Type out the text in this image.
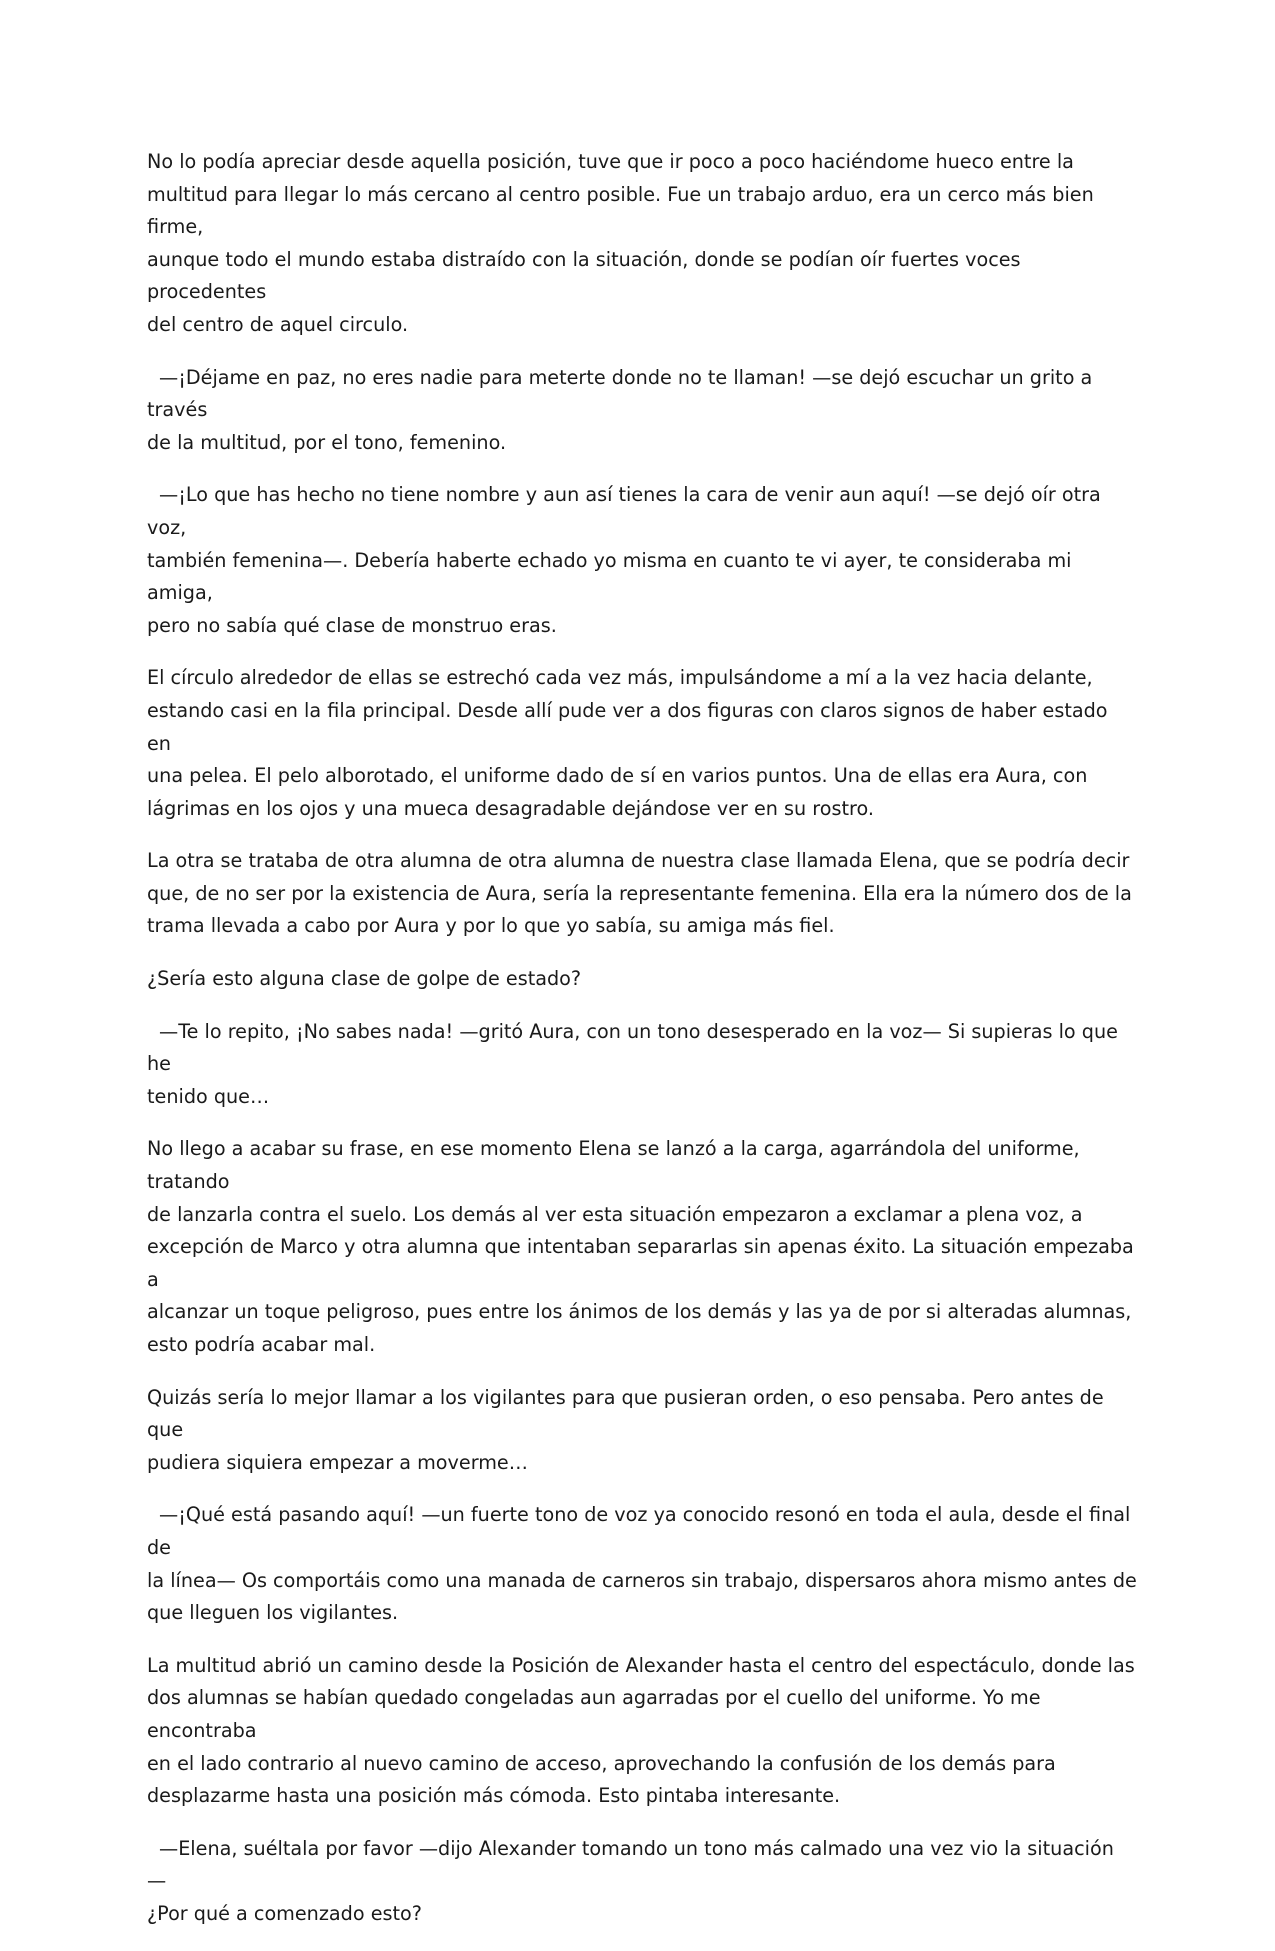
No lo podía apreciar desde aquella posición, tuve que ir poco a poco haciéndome hueco entre la
multitud para llegar lo más cercano al centro posible. Fue un trabajo arduo, era un cerco más bien firme,
aunque todo el mundo estaba distraído con la situación, donde se podían oír fuertes voces procedentes
del centro de aquel circulo.
—¡Déjame en paz, no eres nadie para meterte donde no te llaman! —se dejó escuchar un grito a través
de la multitud, por el tono, femenino.
—¡Lo que has hecho no tiene nombre y aun así tienes la cara de venir aun aquí! —se dejó oír otra voz,
también femenina—. Debería haberte echado yo misma en cuanto te vi ayer, te consideraba mi amiga,
pero no sabía qué clase de monstruo eras.
El círculo alrededor de ellas se estrechó cada vez más, impulsándome a mí a la vez hacia delante,
estando casi en la fila principal. Desde allí pude ver a dos figuras con claros signos de haber estado en
una pelea. El pelo alborotado, el uniforme dado de sí en varios puntos. Una de ellas era Aura, con
lágrimas en los ojos y una mueca desagradable dejándose ver en su rostro.
La otra se trataba de otra alumna de otra alumna de nuestra clase llamada Elena, que se podría decir
que, de no ser por la existencia de Aura, sería la representante femenina. Ella era la número dos de la
trama llevada a cabo por Aura y por lo que yo sabía, su amiga más fiel.
¿Sería esto alguna clase de golpe de estado?
—Te lo repito, ¡No sabes nada! —gritó Aura, con un tono desesperado en la voz— Si supieras lo que he
tenido que…
No llego a acabar su frase, en ese momento Elena se lanzó a la carga, agarrándola del uniforme, tratando
de lanzarla contra el suelo. Los demás al ver esta situación empezaron a exclamar a plena voz, a
excepción de Marco y otra alumna que intentaban separarlas sin apenas éxito. La situación empezaba a
alcanzar un toque peligroso, pues entre los ánimos de los demás y las ya de por si alteradas alumnas,
esto podría acabar mal.
Quizás sería lo mejor llamar a los vigilantes para que pusieran orden, o eso pensaba. Pero antes de que
pudiera siquiera empezar a moverme…
—¡Qué está pasando aquí! —un fuerte tono de voz ya conocido resonó en toda el aula, desde el final de
la línea— Os comportáis como una manada de carneros sin trabajo, dispersaros ahora mismo antes de
que lleguen los vigilantes.
La multitud abrió un camino desde la Posición de Alexander hasta el centro del espectáculo, donde las
dos alumnas se habían quedado congeladas aun agarradas por el cuello del uniforme. Yo me encontraba
en el lado contrario al nuevo camino de acceso, aprovechando la confusión de los demás para
desplazarme hasta una posición más cómoda. Esto pintaba interesante.
—Elena, suéltala por favor —dijo Alexander tomando un tono más calmado una vez vio la situación —
¿Por qué a comenzado esto?
